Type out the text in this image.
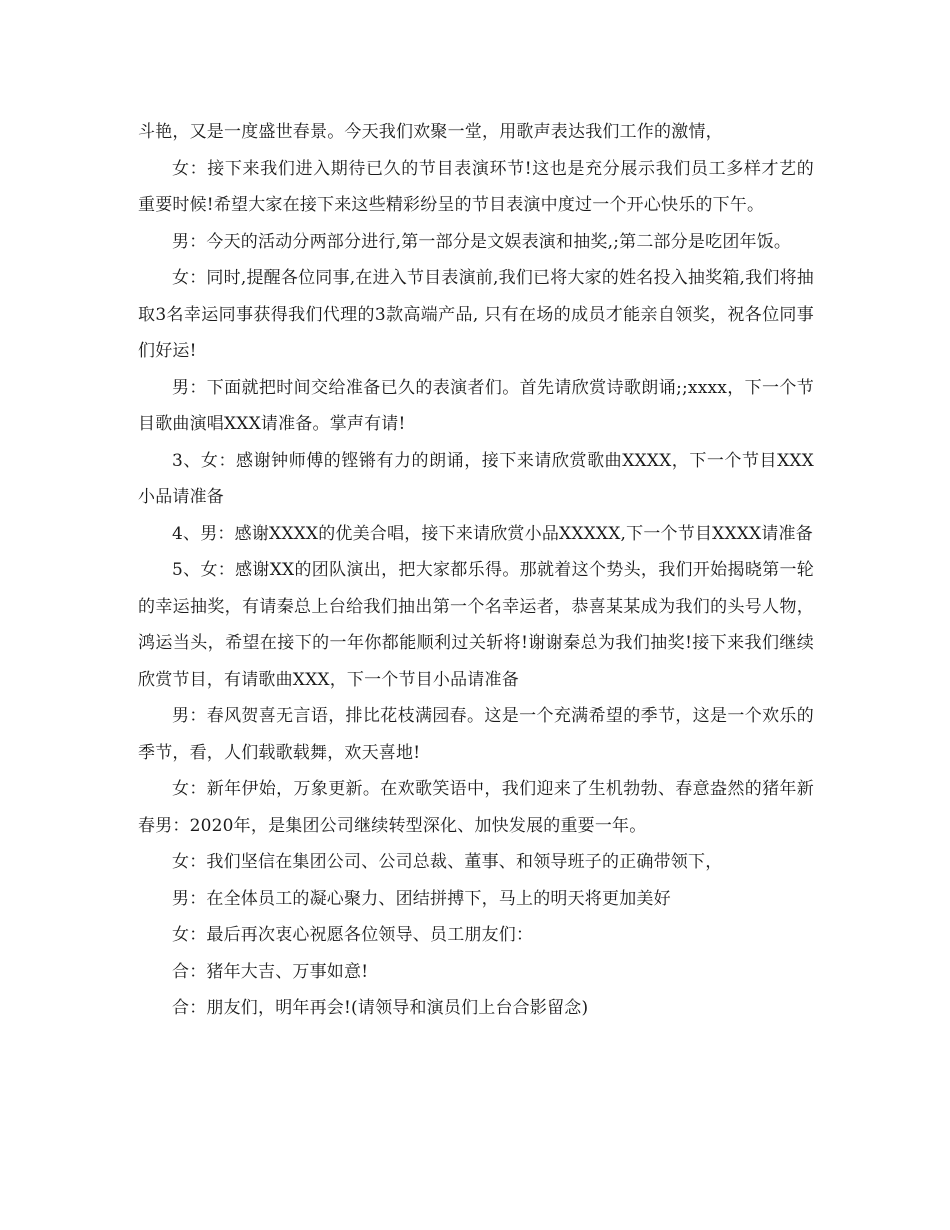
斗艳，又是一度盛世春景。今天我们欢聚一堂，用歌声表达我们工作的激情，

女：接下来我们进入期待已久的节目表演环节!这也是充分展示我们员工多样才艺的重要时候!希望大家在接下来这些精彩纷呈的节目表演中度过一个开心快乐的下午。

男：今天的活动分两部分进行,第一部分是文娱表演和抽奖,;第二部分是吃团年饭。

女：同时,提醒各位同事,在进入节目表演前,我们已将大家的姓名投入抽奖箱,我们将抽取3名幸运同事获得我们代理的3款高端产品, 只有在场的成员才能亲自领奖，祝各位同事们好运!

男：下面就把时间交给准备已久的表演者们。首先请欣赏诗歌朗诵;;xxxx，下一个节目歌曲演唱XXX请准备。掌声有请!

3、女：感谢钟师傅的铿锵有力的朗诵，接下来请欣赏歌曲XXXX，下一个节目XXX小品请准备

4、男：感谢XXXX的优美合唱，接下来请欣赏小品XXXXX,下一个节目XXXX请准备

5、女：感谢XX的团队演出，把大家都乐得。那就着这个势头，我们开始揭晓第一轮的幸运抽奖，有请秦总上台给我们抽出第一个名幸运者，恭喜某某成为我们的头号人物，鸿运当头，希望在接下的一年你都能顺利过关斩将!谢谢秦总为我们抽奖!接下来我们继续欣赏节目，有请歌曲XXX，下一个节目小品请准备

男：春风贺喜无言语，排比花枝满园春。这是一个充满希望的季节，这是一个欢乐的季节，看，人们载歌载舞，欢天喜地!

女：新年伊始，万象更新。在欢歌笑语中，我们迎来了生机勃勃、春意盎然的猪年新春男：2020年，是集团公司继续转型深化、加快发展的重要一年。

女：我们坚信在集团公司、公司总裁、董事、和领导班子的正确带领下，

男：在全体员工的凝心聚力、团结拼搏下，马上的明天将更加美好

女：最后再次衷心祝愿各位领导、员工朋友们：

合：猪年大吉、万事如意!

合：朋友们，明年再会!(请领导和演员们上台合影留念)
